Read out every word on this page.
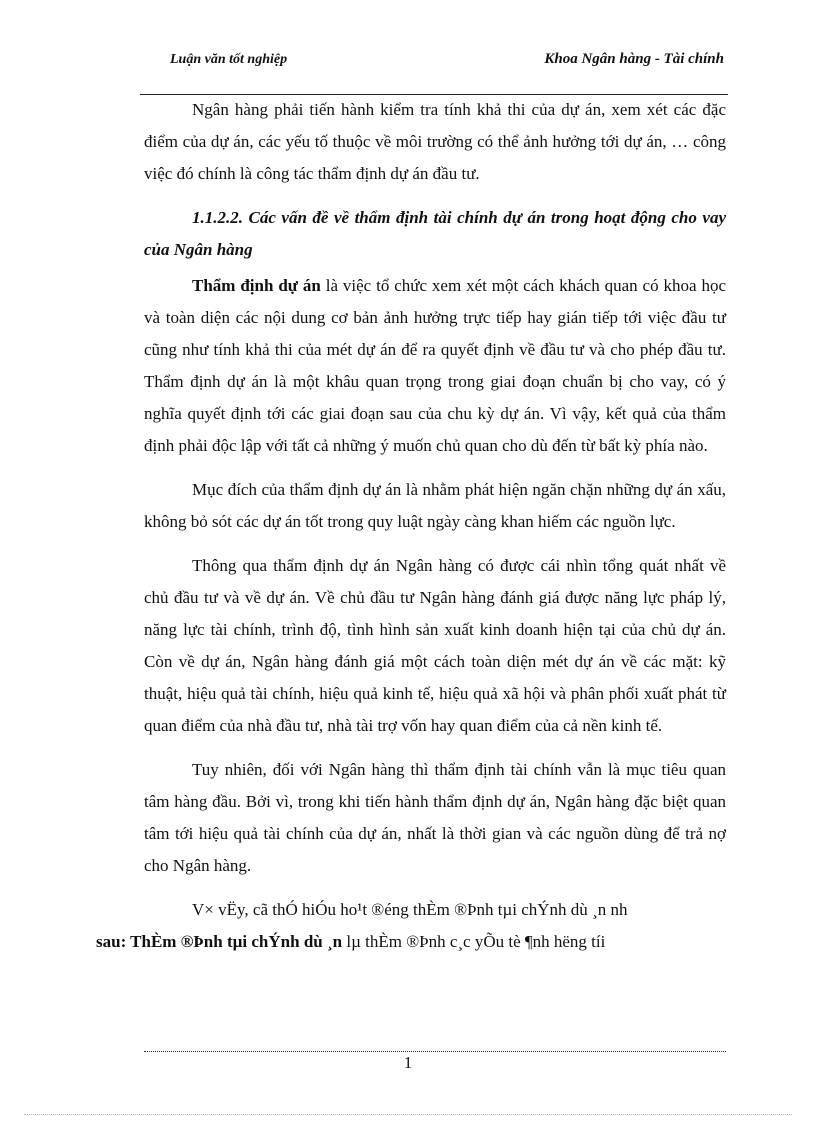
Luận văn tốt nghiệp	Khoa Ngân hàng - Tài chính

Ngân hàng phải tiến hành kiểm tra tính khả thi của dự án, xem xét các đặc điểm của dự án, các yếu tố thuộc về môi trường có thể ảnh hưởng tới dự án, … công việc đó chính là công tác thẩm định dự án đầu tư.

1.1.2.2. Các vấn đề về thẩm định tài chính dự án trong hoạt động cho vay của Ngân hàng

Thẩm định dự án là việc tổ chức xem xét một cách khách quan có khoa học và toàn diện các nội dung cơ bản ảnh hưởng trực tiếp hay gián tiếp tới việc đầu tư cũng như tính khả thi của mét dự án để ra quyết định về đầu tư và cho phép đầu tư. Thẩm định dự án là một khâu quan trọng trong giai đoạn chuẩn bị cho vay, có ý nghĩa quyết định tới các giai đoạn sau của chu kỳ dự án. Vì vậy, kết quả của thẩm định phải độc lập với tất cả những ý muốn chủ quan cho dù đến từ bất kỳ phía nào.

Mục đích của thẩm định dự án là nhằm phát hiện ngăn chặn những dự án xấu, không bỏ sót các dự án tốt trong quy luật ngày càng khan hiếm các nguồn lực.

Thông qua thẩm định dự án Ngân hàng có được cái nhìn tổng quát nhất về chủ đầu tư và về dự án. Về chủ đầu tư Ngân hàng đánh giá được năng lực pháp lý, năng lực tài chính, trình độ, tình hình sản xuất kinh doanh hiện tại của chủ dự án. Còn về dự án, Ngân hàng đánh giá một cách toàn diện mét dự án về các mặt: kỹ thuật, hiệu quả tài chính, hiệu quả kinh tế, hiệu quả xã hội và phân phối xuất phát từ quan điểm của nhà đầu tư, nhà tài trợ vốn hay quan điểm của cả nền kinh tế.

Tuy nhiên, đối với Ngân hàng thì thẩm định tài chính vẫn là mục tiêu quan tâm hàng đầu. Bởi vì, trong khi tiến hành thẩm định dự án, Ngân hàng đặc biệt quan tâm tới hiệu quả tài chính của dự án, nhất là thời gian và các nguồn dùng để trả nợ cho Ngân hàng.

V× vËy, cã thÓ hiÓu ho¹t ®éng thÈm ®Þnh tµi chÝnh dù ¸n nh
sau: ThÈm ®Þnh tµi chÝnh dù ¸n lµ thÈm ®Þnh c¸c yÕu tè ¶nh hëng tíi

1
